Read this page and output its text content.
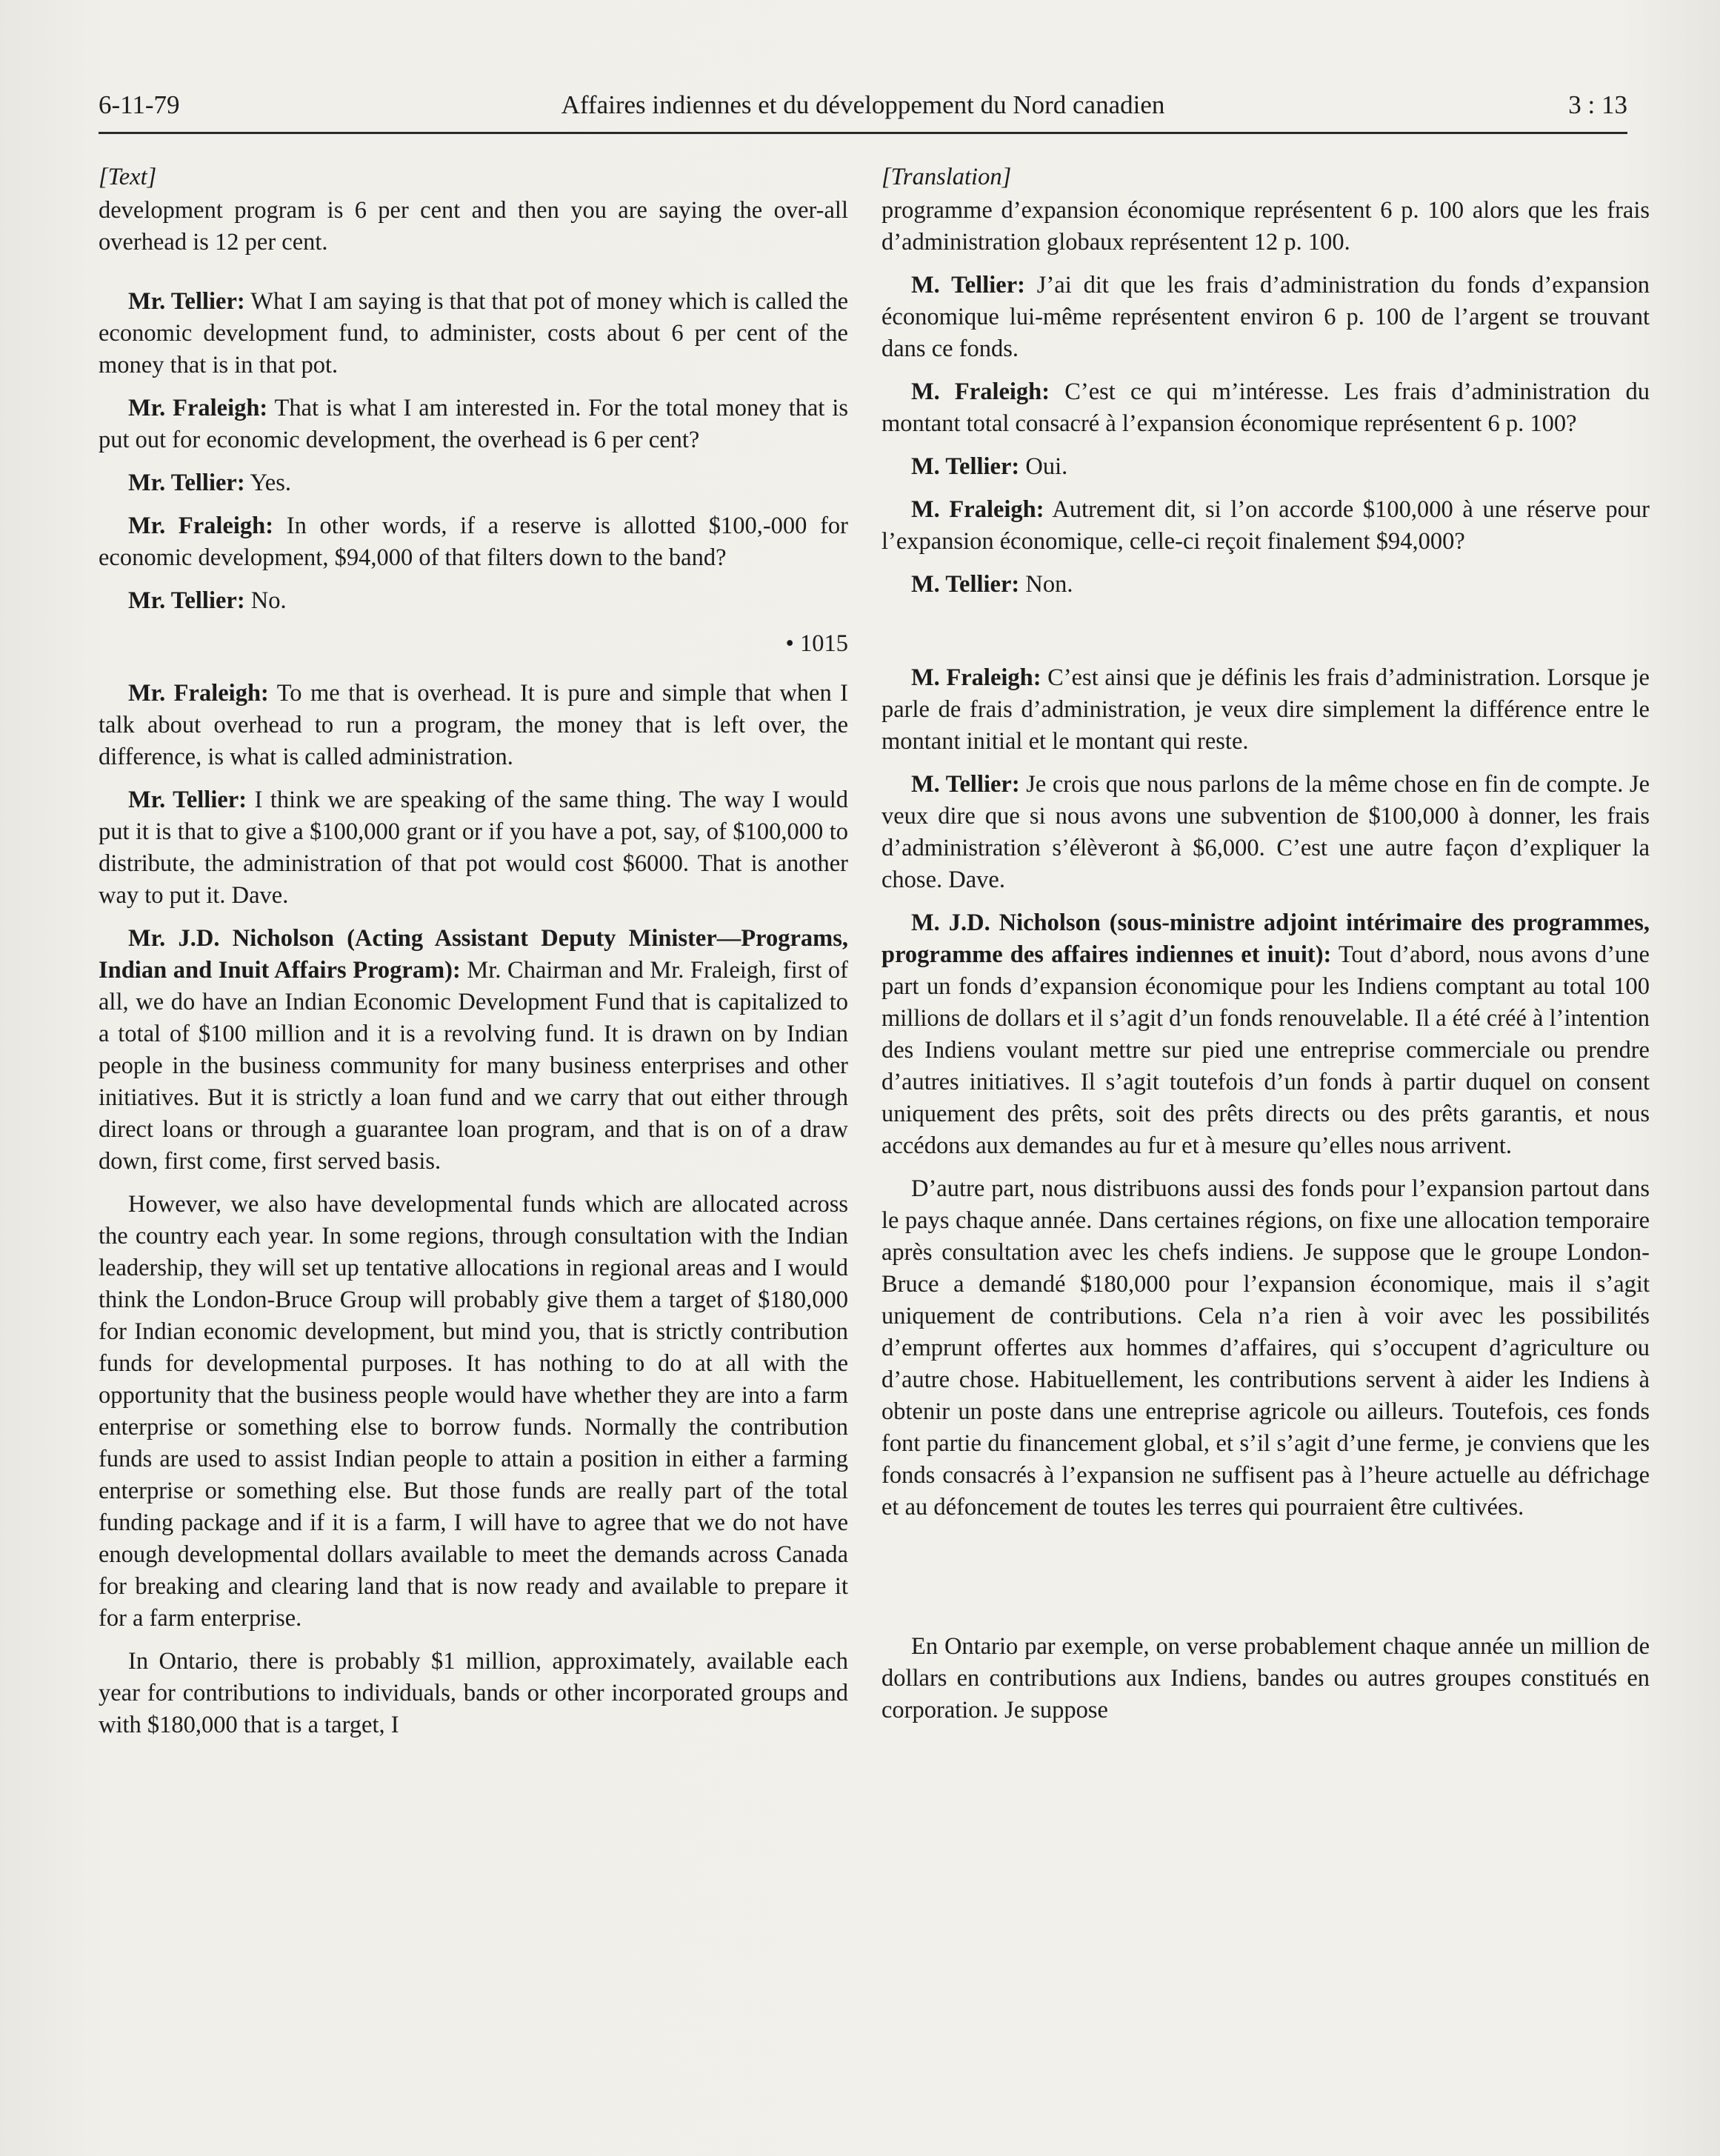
6-11-79	Affaires indiennes et du développement du Nord canadien	3 : 13

[Text]

development program is 6 per cent and then you are saying the over-all overhead is 12 per cent.

Mr. Tellier: What I am saying is that that pot of money which is called the economic development fund, to administer, costs about 6 per cent of the money that is in that pot.

Mr. Fraleigh: That is what I am interested in. For the total money that is put out for economic development, the overhead is 6 per cent?

Mr. Tellier: Yes.

Mr. Fraleigh: In other words, if a reserve is allotted $100,-000 for economic development, $94,000 of that filters down to the band?

Mr. Tellier: No.

• 1015

Mr. Fraleigh: To me that is overhead. It is pure and simple that when I talk about overhead to run a program, the money that is left over, the difference, is what is called administration.

Mr. Tellier: I think we are speaking of the same thing. The way I would put it is that to give a $100,000 grant or if you have a pot, say, of $100,000 to distribute, the administration of that pot would cost $6000. That is another way to put it. Dave.

Mr. J.D. Nicholson (Acting Assistant Deputy Minister—Programs, Indian and Inuit Affairs Program): Mr. Chairman and Mr. Fraleigh, first of all, we do have an Indian Economic Development Fund that is capitalized to a total of $100 million and it is a revolving fund. It is drawn on by Indian people in the business community for many business enterprises and other initiatives. But it is strictly a loan fund and we carry that out either through direct loans or through a guarantee loan program, and that is on of a draw down, first come, first served basis.

However, we also have developmental funds which are allocated across the country each year. In some regions, through consultation with the Indian leadership, they will set up tentative allocations in regional areas and I would think the London-Bruce Group will probably give them a target of $180,000 for Indian economic development, but mind you, that is strictly contribution funds for developmental purposes. It has nothing to do at all with the opportunity that the business people would have whether they are into a farm enterprise or something else to borrow funds. Normally the contribution funds are used to assist Indian people to attain a position in either a farming enterprise or something else. But those funds are really part of the total funding package and if it is a farm, I will have to agree that we do not have enough developmental dollars available to meet the demands across Canada for breaking and clearing land that is now ready and available to prepare it for a farm enterprise.

In Ontario, there is probably $1 million, approximately, available each year for contributions to individuals, bands or other incorporated groups and with $180,000 that is a target, I

[Translation]

programme d’expansion économique représentent 6 p. 100 alors que les frais d’administration globaux représentent 12 p. 100.

M. Tellier: J’ai dit que les frais d’administration du fonds d’expansion économique lui-même représentent environ 6 p. 100 de l’argent se trouvant dans ce fonds.

M. Fraleigh: C’est ce qui m’intéresse. Les frais d’administration du montant total consacré à l’expansion économique représentent 6 p. 100?

M. Tellier: Oui.

M. Fraleigh: Autrement dit, si l’on accorde $100,000 à une réserve pour l’expansion économique, celle-ci reçoit finalement $94,000?

M. Tellier: Non.

M. Fraleigh: C’est ainsi que je définis les frais d’administration. Lorsque je parle de frais d’administration, je veux dire simplement la différence entre le montant initial et le montant qui reste.

M. Tellier: Je crois que nous parlons de la même chose en fin de compte. Je veux dire que si nous avons une subvention de $100,000 à donner, les frais d’administration s’élèveront à $6,000. C’est une autre façon d’expliquer la chose. Dave.

M. J.D. Nicholson (sous-ministre adjoint intérimaire des programmes, programme des affaires indiennes et inuit): Tout d’abord, nous avons d’une part un fonds d’expansion économique pour les Indiens comptant au total 100 millions de dollars et il s’agit d’un fonds renouvelable. Il a été créé à l’intention des Indiens voulant mettre sur pied une entreprise commerciale ou prendre d’autres initiatives. Il s’agit toutefois d’un fonds à partir duquel on consent uniquement des prêts, soit des prêts directs ou des prêts garantis, et nous accédons aux demandes au fur et à mesure qu’elles nous arrivent.

D’autre part, nous distribuons aussi des fonds pour l’expansion partout dans le pays chaque année. Dans certaines régions, on fixe une allocation temporaire après consultation avec les chefs indiens. Je suppose que le groupe London-Bruce a demandé $180,000 pour l’expansion économique, mais il s’agit uniquement de contributions. Cela n’a rien à voir avec les possibilités d’emprunt offertes aux hommes d’affaires, qui s’occupent d’agriculture ou d’autre chose. Habituellement, les contributions servent à aider les Indiens à obtenir un poste dans une entreprise agricole ou ailleurs. Toutefois, ces fonds font partie du financement global, et s’il s’agit d’une ferme, je conviens que les fonds consacrés à l’expansion ne suffisent pas à l’heure actuelle au défrichage et au défoncement de toutes les terres qui pourraient être cultivées.

En Ontario par exemple, on verse probablement chaque année un million de dollars en contributions aux Indiens, bandes ou autres groupes constitués en corporation. Je suppose
